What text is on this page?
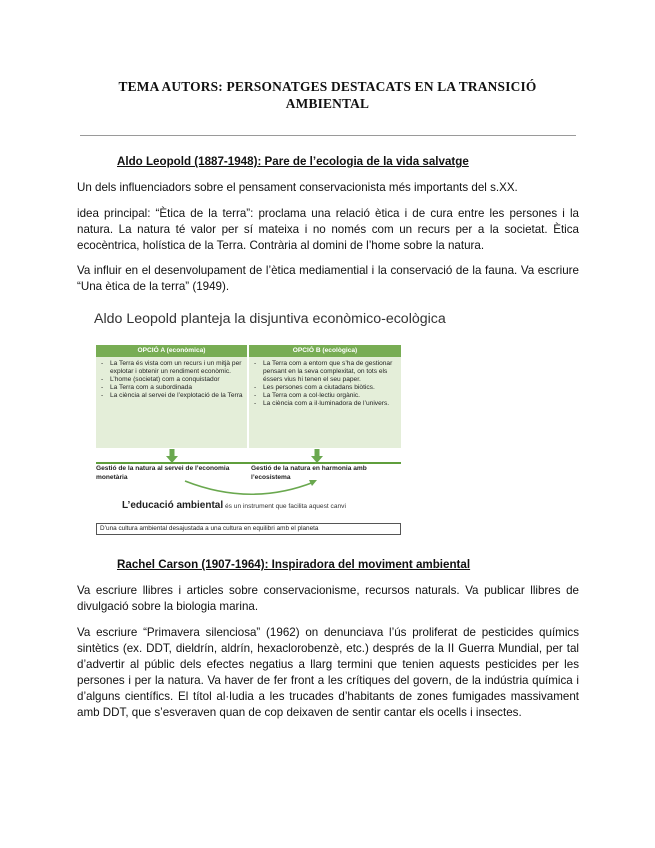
TEMA AUTORS: PERSONATGES DESTACATS EN LA TRANSICIÓ
AMBIENTAL
Aldo Leopold (1887-1948): Pare de l’ecologia de la vida salvatge

Un dels influenciadors sobre el pensament conservacionista més importants del s.XX.

idea principal: “Ètica de la terra”: proclama una relació ètica i de cura entre les persones i la natura. La natura té valor per sí mateixa i no només com un recurs per a la societat. Ètica ecocèntrica, holística de la Terra. Contrària al domini de l’home sobre la natura.

Va influir en el desenvolupament de l’ètica mediamential i la conservació de la fauna. Va escriure “Una ètica de la terra” (1949).

Aldo Leopold planteja la disjuntiva econòmico-ecològica
OPCIÓ A (econòmica)	OPCIÓ B (ecològica)
- La Terra és vista com un recurs i un mitjà per explotar i obtenir un rendiment econòmic.
- L’home (societat) com a conquistador
- La Terra com a subordinada
- La ciència al servei de l’explotació de la Terra
- La Terra com a entorn que s’ha de gestionar pensant en la seva complexitat, on tots els éssers vius hi tenen el seu paper.
- Les persones com a ciutadans biòtics.
- La Terra com a col·lectiu orgànic.
- La ciència com a il·luminadora de l’univers.
Gestió de la natura al servei de l’economia monetària
Gestió de la natura en harmonia amb l’ecosistema
L’educació ambiental és un instrument que facilita aquest canvi
D’una cultura ambiental desajustada a una cultura en equilibri amb el planeta
Rachel Carson (1907-1964): Inspiradora del moviment ambiental

Va escriure llibres i articles sobre conservacionisme, recursos naturals. Va publicar llibres de divulgació sobre la biologia marina.

Va escriure “Primavera silenciosa” (1962) on denunciava l’ús proliferat de pesticides químics sintètics (ex. DDT, dieldrín, aldrín, hexaclorobenzè, etc.) després de la II Guerra Mundial, per tal d’advertir al públic dels efectes negatius a llarg termini que tenien aquests pesticides per les persones i per la natura. Va haver de fer front a les crítiques del govern, de la indústria química i d’alguns científics. El títol al·ludia a les trucades d’habitants de zones fumigades massivament amb DDT, que s’esveraven quan de cop deixaven de sentir cantar els ocells i insectes.
